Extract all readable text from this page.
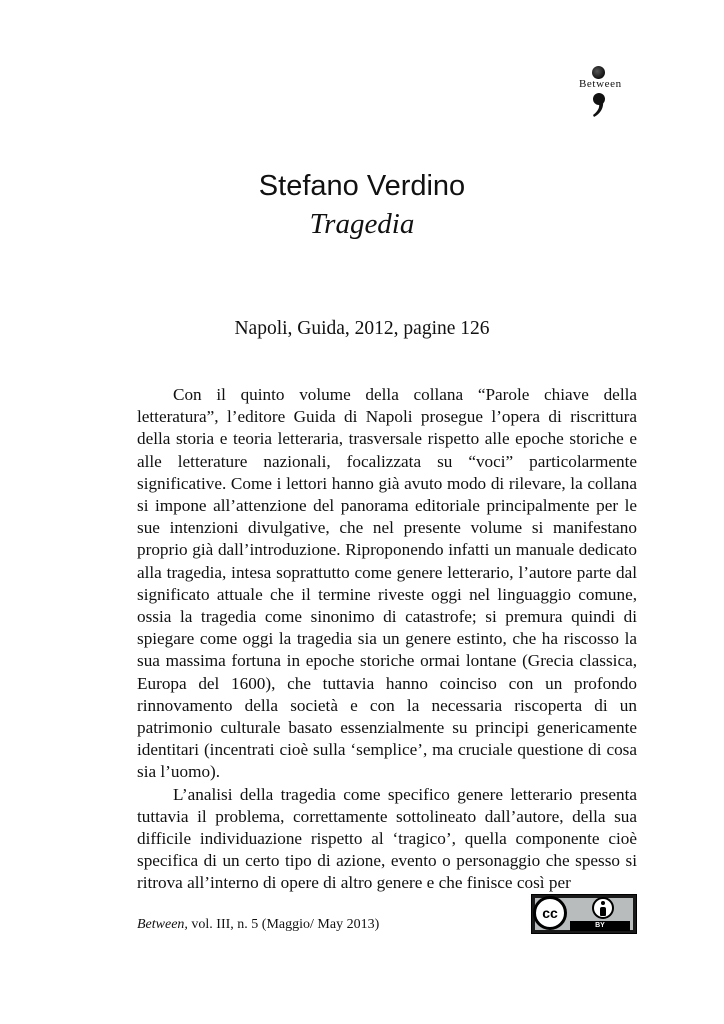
Between
Stefano Verdino
Tragedia
Napoli, Guida, 2012, pagine 126

Con il quinto volume della collana “Parole chiave della letteratura”, l’editore Guida di Napoli prosegue l’opera di riscrittura della storia e teoria letteraria, trasversale rispetto alle epoche storiche e alle letterature nazionali, focalizzata su “voci” particolarmente significative. Come i lettori hanno già avuto modo di rilevare, la collana si impone all’attenzione del panorama editoriale principalmente per le sue intenzioni divulgative, che nel presente volume si manifestano proprio già dall’introduzione. Riproponendo infatti un manuale dedicato alla tragedia, intesa soprattutto come genere letterario, l’autore parte dal significato attuale che il termine riveste oggi nel linguaggio comune, ossia la tragedia come sinonimo di catastrofe; si premura quindi di spiegare come oggi la tragedia sia un genere estinto, che ha riscosso la sua massima fortuna in epoche storiche ormai lontane (Grecia classica, Europa del 1600), che tuttavia hanno coinciso con un profondo rinnovamento della società e con la necessaria riscoperta di un patrimonio culturale basato essenzialmente su principi genericamente identitari (incentrati cioè sulla ‘semplice’, ma cruciale questione di cosa sia l’uomo).

L’analisi della tragedia come specifico genere letterario presenta tuttavia il problema, correttamente sottolineato dall’autore, della sua difficile individuazione rispetto al ‘tragico’, quella componente cioè specifica di un certo tipo di azione, evento o personaggio che spesso si ritrova all’interno di opere di altro genere e che finisce così per

Between, vol. III, n. 5 (Maggio/ May 2013)
cc
BY
